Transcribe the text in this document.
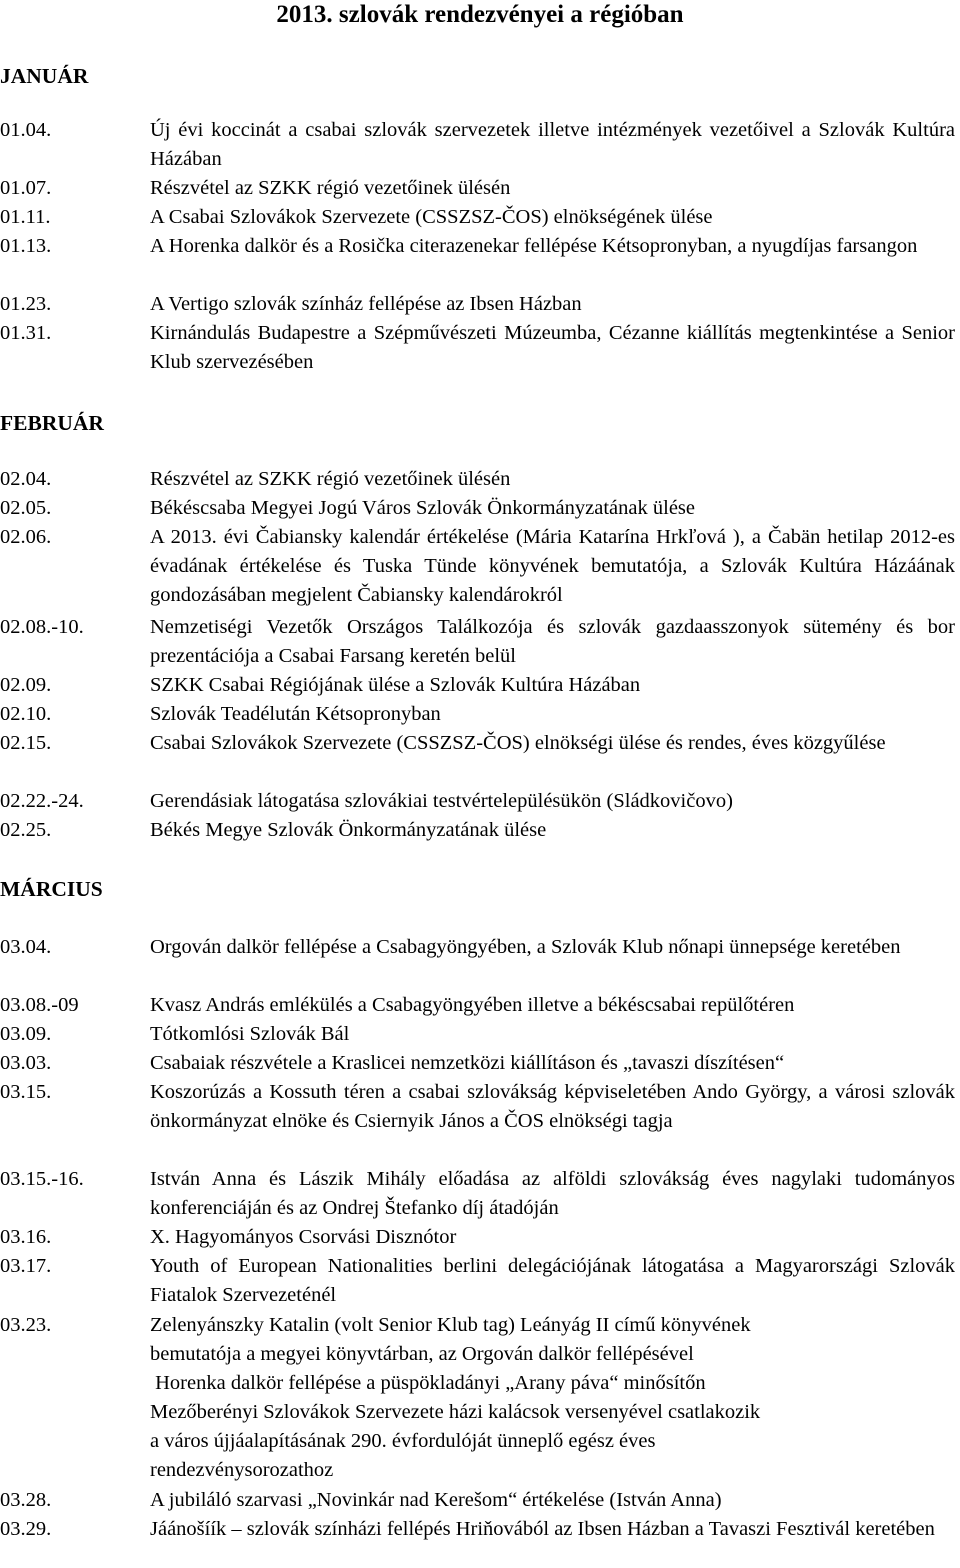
2013. szlovák rendezvényei a régióban
JANUÁR
01.04.	Új évi koccinát a csabai szlovák szervezetek illetve intézmények vezetőivel a Szlovák Kultúra Házában
01.07.	Részvétel az SZKK régió vezetőinek ülésén
01.11.	A Csabai Szlovákok Szervezete (CSSZSZ-ČOS) elnökségének ülése
01.13.	A Horenka dalkör és a Rosička citerazenekar fellépése Kétsopronyban, a nyugdíjas farsangon
01.23.	A Vertigo szlovák színház fellépése az Ibsen Házban
01.31.	Kirnándulás Budapestre a Szépművészeti Múzeumba, Cézanne kiállítás megtenkintése a Senior Klub szervezésében
FEBRUÁR
02.04.	Részvétel az SZKK régió vezetőinek ülésén
02.05.	Békéscsaba Megyei Jogú Város Szlovák Önkormányzatának ülése
02.06.	A 2013. évi Čabiansky kalendár értékelése (Mária Katarína Hrkľová ), a Čabän hetilap 2012-es évadának értékelése és Tuska Tünde könyvének bemutatója, a Szlovák Kultúra Házáának gondozásában megjelent Čabiansky kalendárokról
02.08.-10.	Nemzetiségi Vezetők Országos Találkozója és szlovák gazdaasszonyok sütemény és bor prezentációja a Csabai Farsang keretén belül
02.09.	SZKK Csabai Régiójának ülése a Szlovák Kultúra Házában
02.10.	Szlovák Teadélután Kétsopronyban
02.15.	Csabai Szlovákok Szervezete (CSSZSZ-ČOS) elnökségi ülése és rendes, éves közgyűlése
02.22.-24.	Gerendásiak látogatása szlovákiai testvértelepülésükön (Sládkovičovo)
02.25.	Békés Megye Szlovák Önkormányzatának ülése
MÁRCIUS
03.04.	Orgován dalkör fellépése a Csabagyöngyében, a Szlovák Klub nőnapi ünnepsége keretében
03.08.-09	Kvasz András emlékülés a Csabagyöngyében illetve a békéscsabai repülőtéren
03.09.	Tótkomlósi Szlovák Bál
03.03.	Csabaiak részvétele a Kraslicei nemzetközi kiállításon és „tavaszi díszítésen“
03.15.	Koszorúzás a Kossuth téren a csabai szlovákság képviseletében Ando György, a városi szlovák önkormányzat elnöke és Csiernyik János a ČOS elnökségi tagja
03.15.-16.	István Anna és Lászik Mihály előadása az alföldi szlovákság éves nagylaki tudományos konferenciáján és az Ondrej Štefanko díj átadóján
03.16.	X. Hagyományos Csorvási Disznótor
03.17.	Youth of European Nationalities berlini delegációjának látogatása a Magyarországi Szlovák Fiatalok Szervezeténél
03.23.	Zelenyánszky Katalin (volt Senior Klub tag) Leányág II című könyvének
bemutatója a megyei könyvtárban, az Orgován dalkör fellépésével
Horenka dalkör fellépése a püspökladányi „Arany páva“ minősítőn
Mezőberényi Szlovákok Szervezete házi kalácsok versenyével csatlakozik
a város újjáalapításának 290. évfordulóját ünneplő egész éves
rendezvénysorozathoz
03.28.	A jubiláló szarvasi „Novinkár nad Kerešom“ értékelése (István Anna)
03.29.	Jáánošíík – szlovák színházi fellépés Hriňovából az Ibsen Házban a Tavaszi Fesztivál keretében
